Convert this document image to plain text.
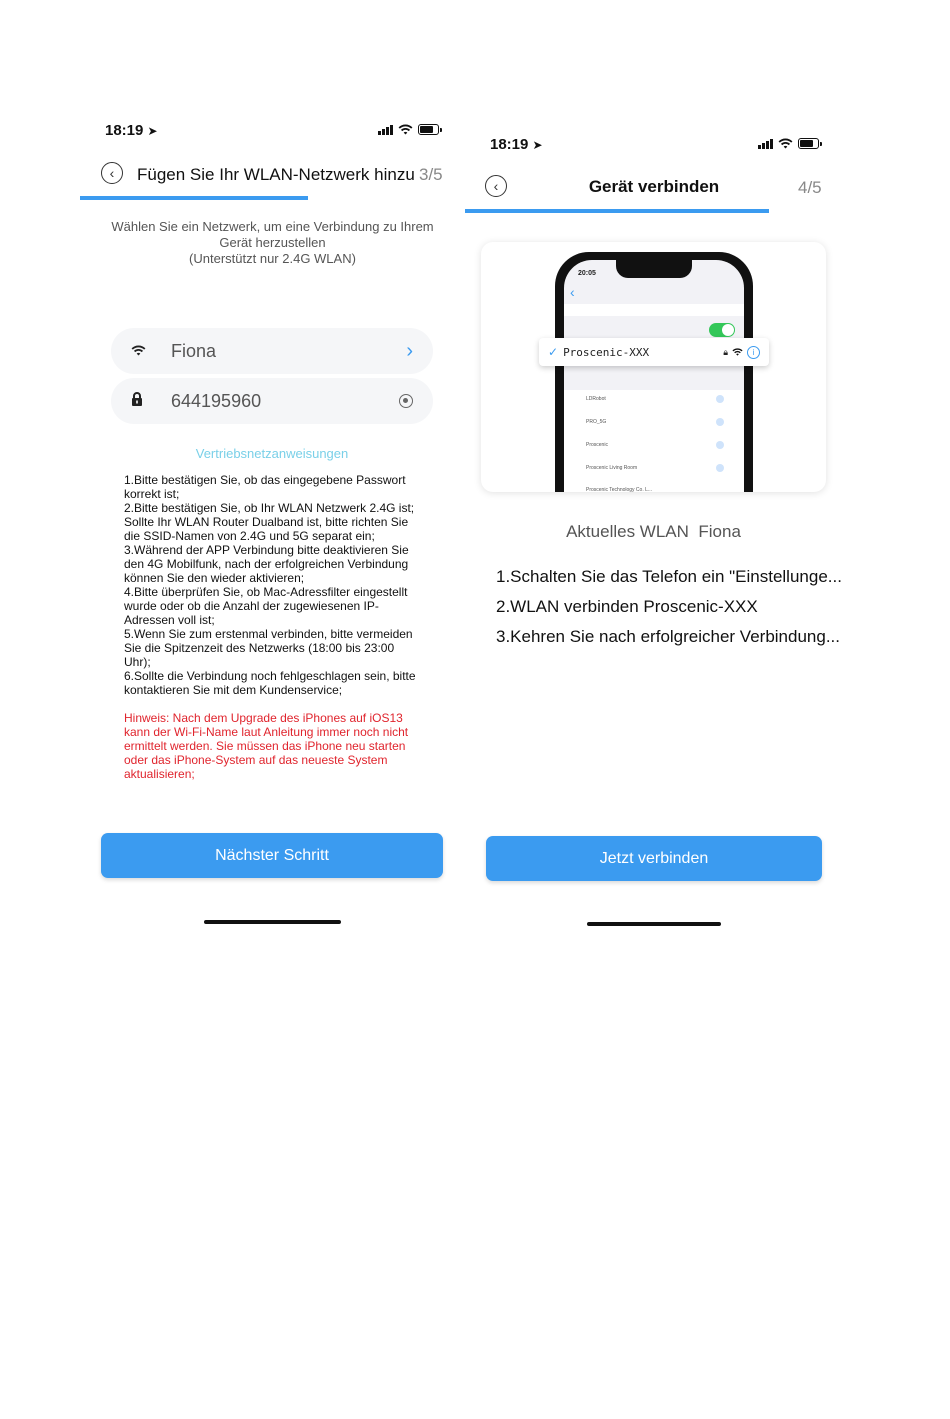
18:19 ➤
‹ Fügen Sie Ihr WLAN-Netzwerk hinzu 3/5
Wählen Sie ein Netzwerk, um eine Verbindung zu Ihrem
Gerät herzustellen
(Unterstützt nur 2.4G WLAN)
Fiona	›
644195960
Vertriebsnetzanweisungen

1.Bitte bestätigen Sie, ob das eingegebene Passwort korrekt ist;

2.Bitte bestätigen Sie, ob Ihr WLAN Netzwerk 2.4G ist; Sollte Ihr WLAN Router Dualband ist, bitte richten Sie die SSID-Namen von 2.4G und 5G separat ein;

3.Während der APP Verbindung bitte deaktivieren Sie den 4G Mobilfunk, nach der erfolgreichen Verbindung können Sie den wieder aktivieren;

4.Bitte überprüfen Sie, ob Mac-Adressfilter eingestellt wurde oder ob die Anzahl der zugewiesenen IP-Adressen voll ist;

5.Wenn Sie zum erstenmal verbinden, bitte vermeiden Sie die Spitzenzeit des Netzwerks (18:00 bis 23:00 Uhr);

6.Sollte die Verbindung noch fehlgeschlagen sein, bitte kontaktieren Sie mit dem Kundenservice;

Hinweis: Nach dem Upgrade des iPhones auf iOS13 kann der Wi-Fi-Name laut Anleitung immer noch nicht ermittelt werden. Sie müssen das iPhone neu starten oder das iPhone-System auf das neueste System aktualisieren;
Nächster Schritt
18:19 ➤
‹	Gerät verbinden	4/5
20:05
‹
LDRobot
PRO_5G
Proscenic
Proscenic Living Room
Proscenic Technology Co. L...
✓ Proscenic-XXX	🔒︎	i
Aktuelles WLAN Fiona

1.Schalten Sie das Telefon ein "Einstellunge...

2.WLAN verbinden Proscenic-XXX

3.Kehren Sie nach erfolgreicher Verbindung...

Jetzt verbinden
